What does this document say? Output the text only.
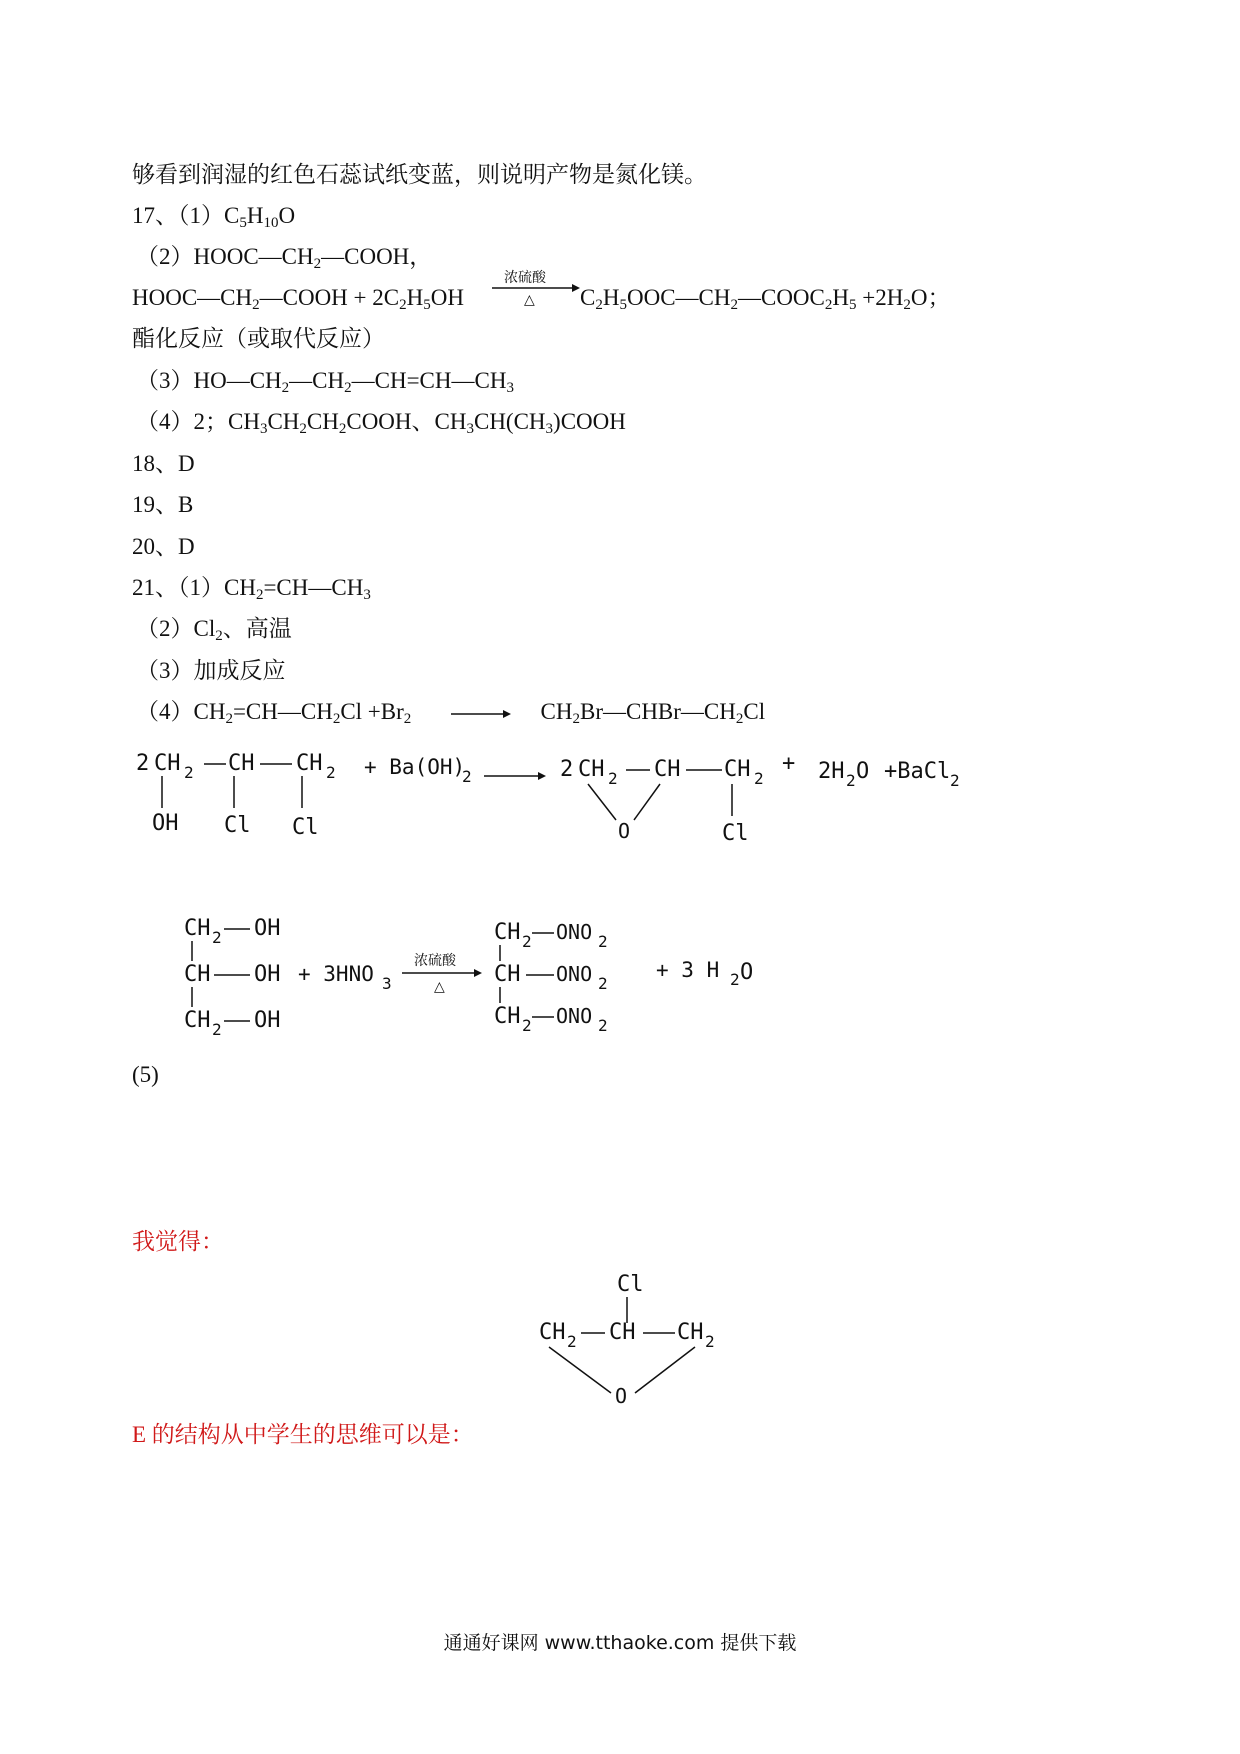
够看到润湿的红色石蕊试纸变蓝，则说明产物是氮化镁。
17、$(1)C_5H_{10}O$
$(2)HOOC—CH_2—COOH$，
$HOOC—CH_2—COOH + 2C_2H_5OH$
浓硫酸
△ $C_2H_5OOC—CH_2—COOC_2H_5 +2H_2O$；
酯化反应（或取代反应）
$(3)HO—CH_2—CH_2—CH=CH—CH_3$
（4）2；$CH_3CH_2CH_2COOH$、$CH_3CH(CH_3)COOH$
18、D
19、B
20、D
21、$(1)CH_2=CH—CH_3$
$(2)Cl_2$、高温
（3）加成反应
$(4)CH_2=CH—CH_2Cl +Br_2$	$CH_2Br—CHBr—CH_2Cl$
2 CH 2 CH CH 2
OH Cl Cl
+ Ba(OH)
2	2 CH 2 CH CH 2
O	Cl
+ 2H 2 O +BaCl 2
CH 2 OH
CH OH
CH 2 OH
+ 3HNO 3
浓硫酸
△
CH 2 ONO 2
CH ONO 2
CH 2 ONO 2
+ 3 H 2 O
(5)
我觉得：
Cl
CH 2 CH CH 2
O
E 的结构从中学生的思维可以是：
通通好课网 www.tthaoke.com 提供下载
